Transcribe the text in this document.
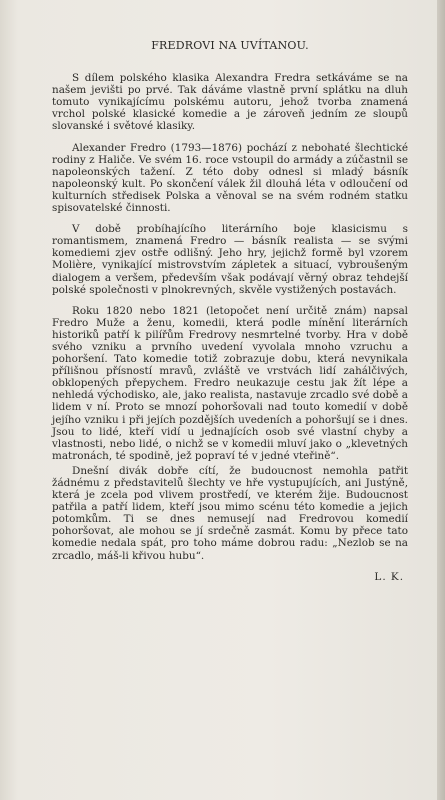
FREDROVI NA UVÍTANOU.

S dílem polského klasika Alexandra Fredra setkáváme se na našem jevišti po prvé. Tak dáváme vlastně první splátku na dluh tomuto vynikajícímu polskému autoru, jehož tvorba znamená vrchol polské klasické komedie a je zároveň jedním ze sloupů slovanské i světové klasiky.

Alexander Fredro (1793—1876) pochází z nebohaté šlechtické rodiny z Haliče. Ve svém 16. roce vstoupil do armády a zúčastnil se napoleonských tažení. Z této doby odnesl si mladý básník napoleonský kult. Po skončení válek žil dlouhá léta v odloučení od kulturních středisek Polska a věnoval se na svém rodném statku spisovatelské činnosti.

V době probíhajícího literárního boje klasicismu s romantismem, znamená Fredro — básník realista — se svými komediemi zjev ostře odlišný. Jeho hry, jejichž formě byl vzorem Molière, vynikající mistrovstvím zápletek a situací, vybroušeným dialogem a veršem, především však podávají věrný obraz tehdejší polské společnosti v plnokrevných, skvěle vystižených postavách.

Roku 1820 nebo 1821 (letopočet není určitě znám) napsal Fredro Muže a ženu, komedii, která podle mínění literárních historiků patří k pilířům Fredrovy nesmrtelné tvorby. Hra v době svého vzniku a prvního uvedení vyvolala mnoho vzruchu a pohoršení. Tato komedie totiž zobrazuje dobu, která nevynikala přílišnou přísností mravů, zvláště ve vrstvách lidí zahálčivých, obklopených přepychem. Fredro neukazuje cestu jak žít lépe a nehledá východisko, ale, jako realista, nastavuje zrcadlo své době a lidem v ní. Proto se mnozí pohoršovali nad touto komedií v době jejího vzniku i při jejích pozdějších uvedeních a pohoršují se i dnes. Jsou to lidé, kteří vidí u jednajících osob své vlastní chyby a vlastnosti, nebo lidé, o nichž se v komedii mluví jako o „klevetných matronách, té spodině, jež popraví té v jedné vteřině“.

Dnešní divák dobře cítí, že budoucnost nemohla patřit žádnému z představitelů šlechty ve hře vystupujících, ani Justýně, která je zcela pod vlivem prostředí, ve kterém žije. Budoucnost patřila a patří lidem, kteří jsou mimo scénu této komedie a jejich potomkům. Ti se dnes nemusejí nad Fredrovou komedií pohoršovat, ale mohou se jí srdečně zasmát. Komu by přece tato komedie nedala spát, pro toho máme dobrou radu: „Nezlob se na zrcadlo, máš-li křivou hubu“.

L. K.
